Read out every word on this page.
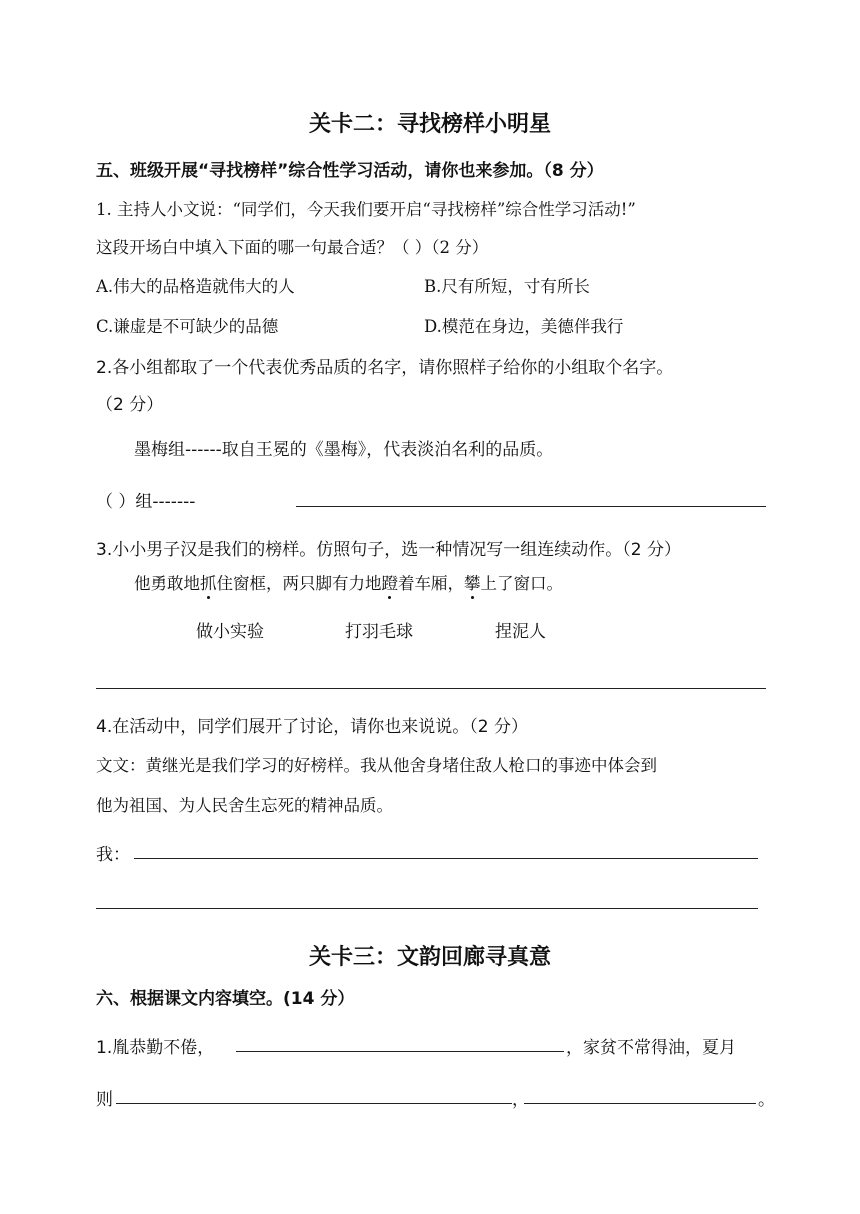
关卡二：寻找榜样小明星
五、班级开展“寻找榜样”综合性学习活动，请你也来参加。（8 分）
1. 主持人小文说：“同学们，今天我们要开启“寻找榜样”综合性学习活动!”
这段开场白中填入下面的哪一句最合适？（ ）（2 分）
A.伟大的品格造就伟大的人	B.尺有所短，寸有所长
C.谦虚是不可缺少的品德	D.模范在身边，美德伴我行
2.各小组都取了一个代表优秀品质的名字，请你照样子给你的小组取个名字。
（2 分）
墨梅组------取自王冕的《墨梅》，代表淡泊名利的品质。
（ ）组-------
3.小小男子汉是我们的榜样。仿照句子，选一种情况写一组连续动作。（2 分）
他勇敢地抓住窗框，两只脚有力地蹬着车厢，攀上了窗口。
做小实验	打羽毛球	捏泥人
4.在活动中，同学们展开了讨论，请你也来说说。（2 分）
文文：黄继光是我们学习的好榜样。我从他舍身堵住敌人枪口的事迹中体会到
他为祖国、为人民舍生忘死的精神品质。
我：
关卡三：文韵回廊寻真意
六、根据课文内容填空。(14 分）
1.胤恭勤不倦，	，家贫不常得油，夏月
则	，	。
